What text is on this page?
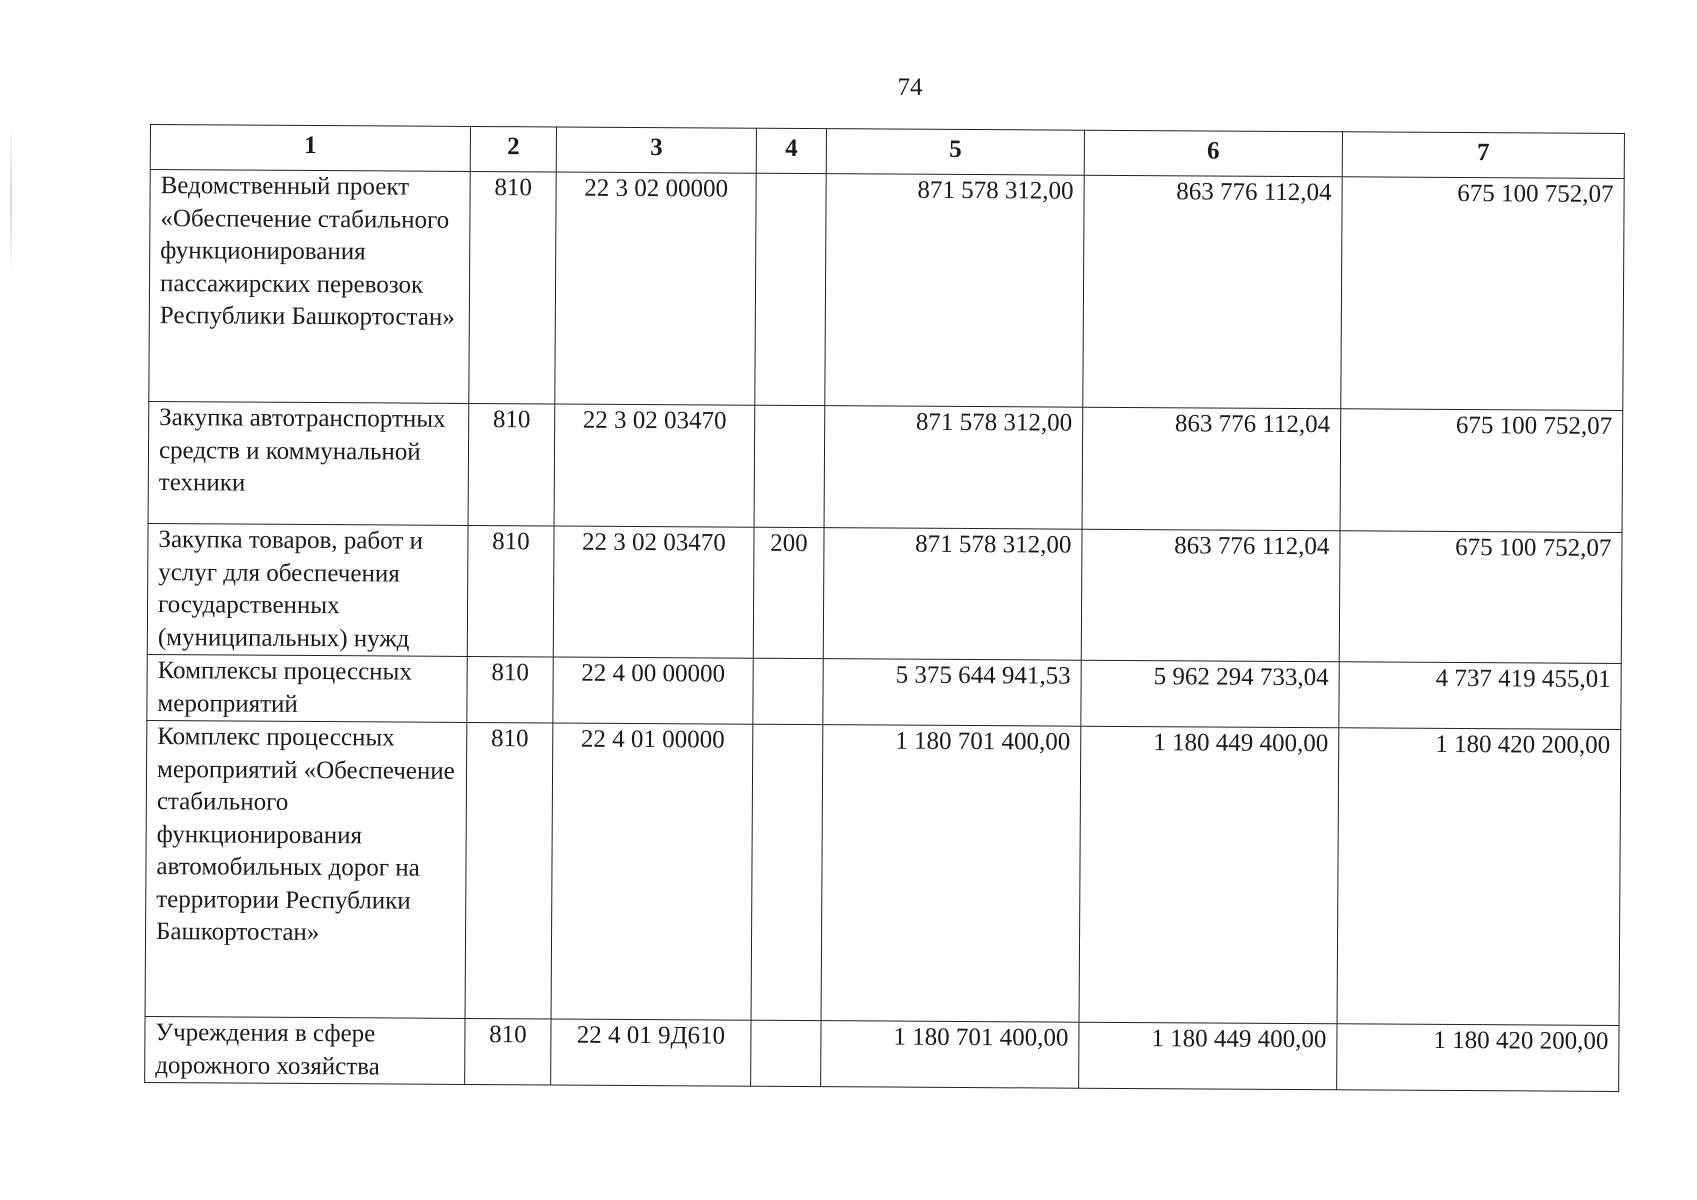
74
1	2	3	4	5	6	7
Ведомственный проект «Обеспечение стабильного функционирования пассажирских перевозок Республики Башкортостан»	810	22 3 02 00000		871 578 312,00	863 776 112,04	675 100 752,07
Закупка автотранспортных средств и коммунальной техники	810	22 3 02 03470		871 578 312,00	863 776 112,04	675 100 752,07
Закупка товаров, работ и услуг для обеспечения государственных (муниципальных) нужд	810	22 3 02 03470	200	871 578 312,00	863 776 112,04	675 100 752,07
Комплексы процессных мероприятий	810	22 4 00 00000		5 375 644 941,53	5 962 294 733,04	4 737 419 455,01
Комплекс процессных мероприятий «Обеспечение стабильного функционирования автомобильных дорог на территории Республики Башкортостан»	810	22 4 01 00000		1 180 701 400,00	1 180 449 400,00	1 180 420 200,00
Учреждения в сфере дорожного хозяйства	810	22 4 01 9Д610		1 180 701 400,00	1 180 449 400,00	1 180 420 200,00
